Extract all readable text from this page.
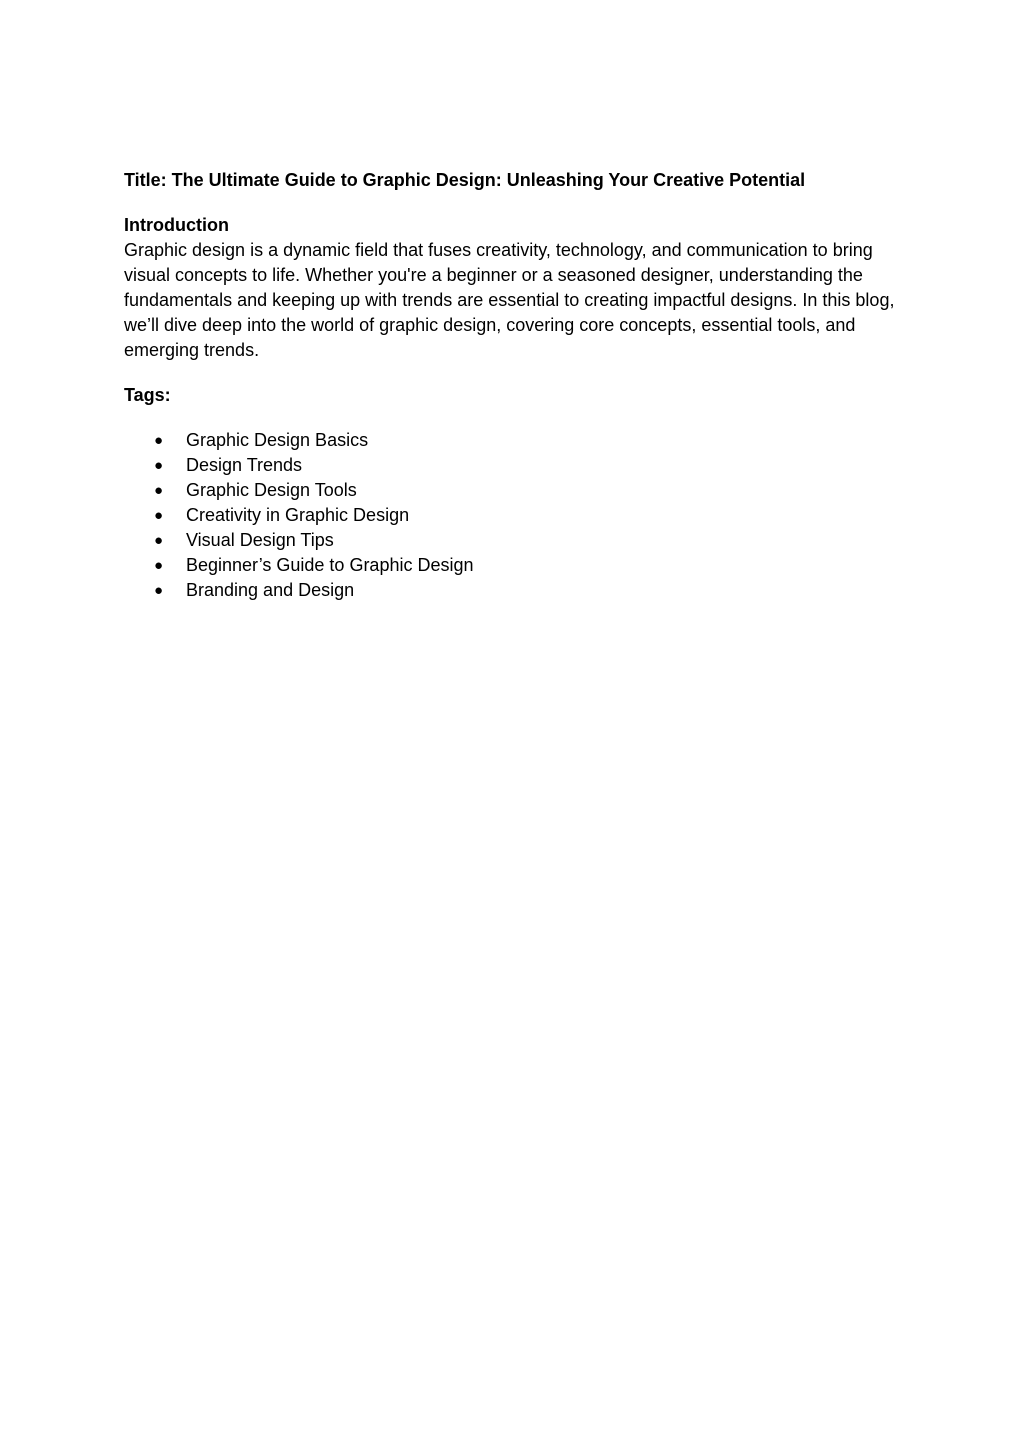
Title: The Ultimate Guide to Graphic Design: Unleashing Your Creative Potential

Introduction

Graphic design is a dynamic field that fuses creativity, technology, and communication to bring visual concepts to life. Whether you're a beginner or a seasoned designer, understanding the fundamentals and keeping up with trends are essential to creating impactful designs. In this blog, we’ll dive deep into the world of graphic design, covering core concepts, essential tools, and emerging trends.

Tags:

● Graphic Design Basics
● Design Trends
● Graphic Design Tools
● Creativity in Graphic Design
● Visual Design Tips
● Beginner’s Guide to Graphic Design
● Branding and Design
